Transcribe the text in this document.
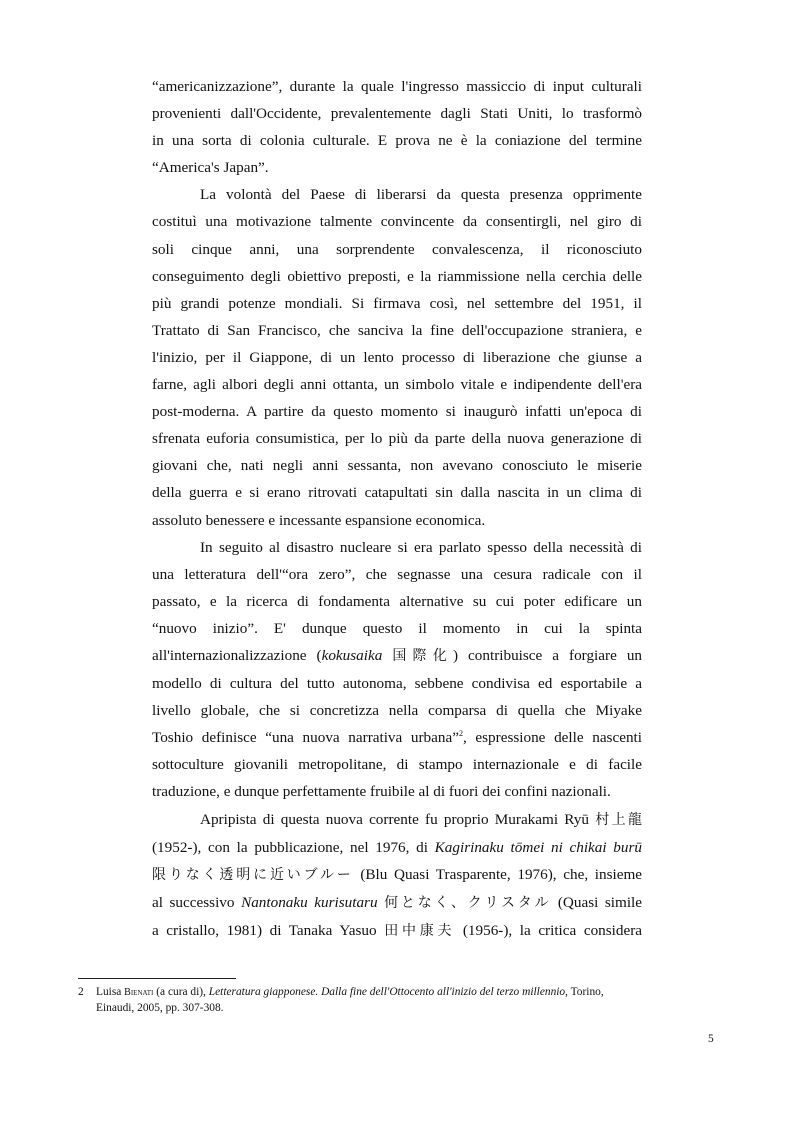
“americanizzazione”, durante la quale l'ingresso massiccio di input culturali
provenienti dall'Occidente, prevalentemente dagli Stati Uniti, lo trasformò
in una sorta di colonia culturale. E prova ne è la coniazione del termine
“America's Japan”.

La volontà del Paese di liberarsi da questa presenza opprimente
costituì una motivazione talmente convincente da consentirgli, nel giro di
soli cinque anni, una sorprendente convalescenza, il riconosciuto
conseguimento degli obiettivo preposti, e la riammissione nella cerchia delle
più grandi potenze mondiali. Si firmava così, nel settembre del 1951, il
Trattato di San Francisco, che sanciva la fine dell'occupazione straniera, e
l'inizio, per il Giappone, di un lento processo di liberazione che giunse a
farne, agli albori degli anni ottanta, un simbolo vitale e indipendente dell'era
post-moderna. A partire da questo momento si inaugurò infatti un'epoca di
sfrenata euforia consumistica, per lo più da parte della nuova generazione di
giovani che, nati negli anni sessanta, non avevano conosciuto le miserie
della guerra e si erano ritrovati catapultati sin dalla nascita in un clima di
assoluto benessere e incessante espansione economica.

In seguito al disastro nucleare si era parlato spesso della necessità di
una letteratura dell'“ora zero”, che segnasse una cesura radicale con il
passato, e la ricerca di fondamenta alternative su cui poter edificare un
“nuovo inizio”. E' dunque questo il momento in cui la spinta
all'internazionalizzazione (kokusaika 国際化) contribuisce a forgiare un
modello di cultura del tutto autonoma, sebbene condivisa ed esportabile a
livello globale, che si concretizza nella comparsa di quella che Miyake
Toshio definisce “una nuova narrativa urbana”$^2$, espressione delle nascenti
sottoculture giovanili metropolitane, di stampo internazionale e di facile
traduzione, e dunque perfettamente fruibile al di fuori dei confini nazionali.

Apripista di questa nuova corrente fu proprio Murakami Ryū 村上龍
(1952-), con la pubblicazione, nel 1976, di Kagirinaku tōmei ni chikai burū
限りなく透明に近いブルー (Blu Quasi Trasparente, 1976), che, insieme
al successivo Nantonaku kurisutaru 何となく、クリスタル (Quasi simile
a cristallo, 1981) di Tanaka Yasuo 田中康夫 (1956-), la critica considera

2 Luisa Bienati (a cura di), Letteratura giapponese. Dalla fine dell'Ottocento all'inizio del terzo millennio, Torino,
Einaudi, 2005, pp. 307-308.
5
